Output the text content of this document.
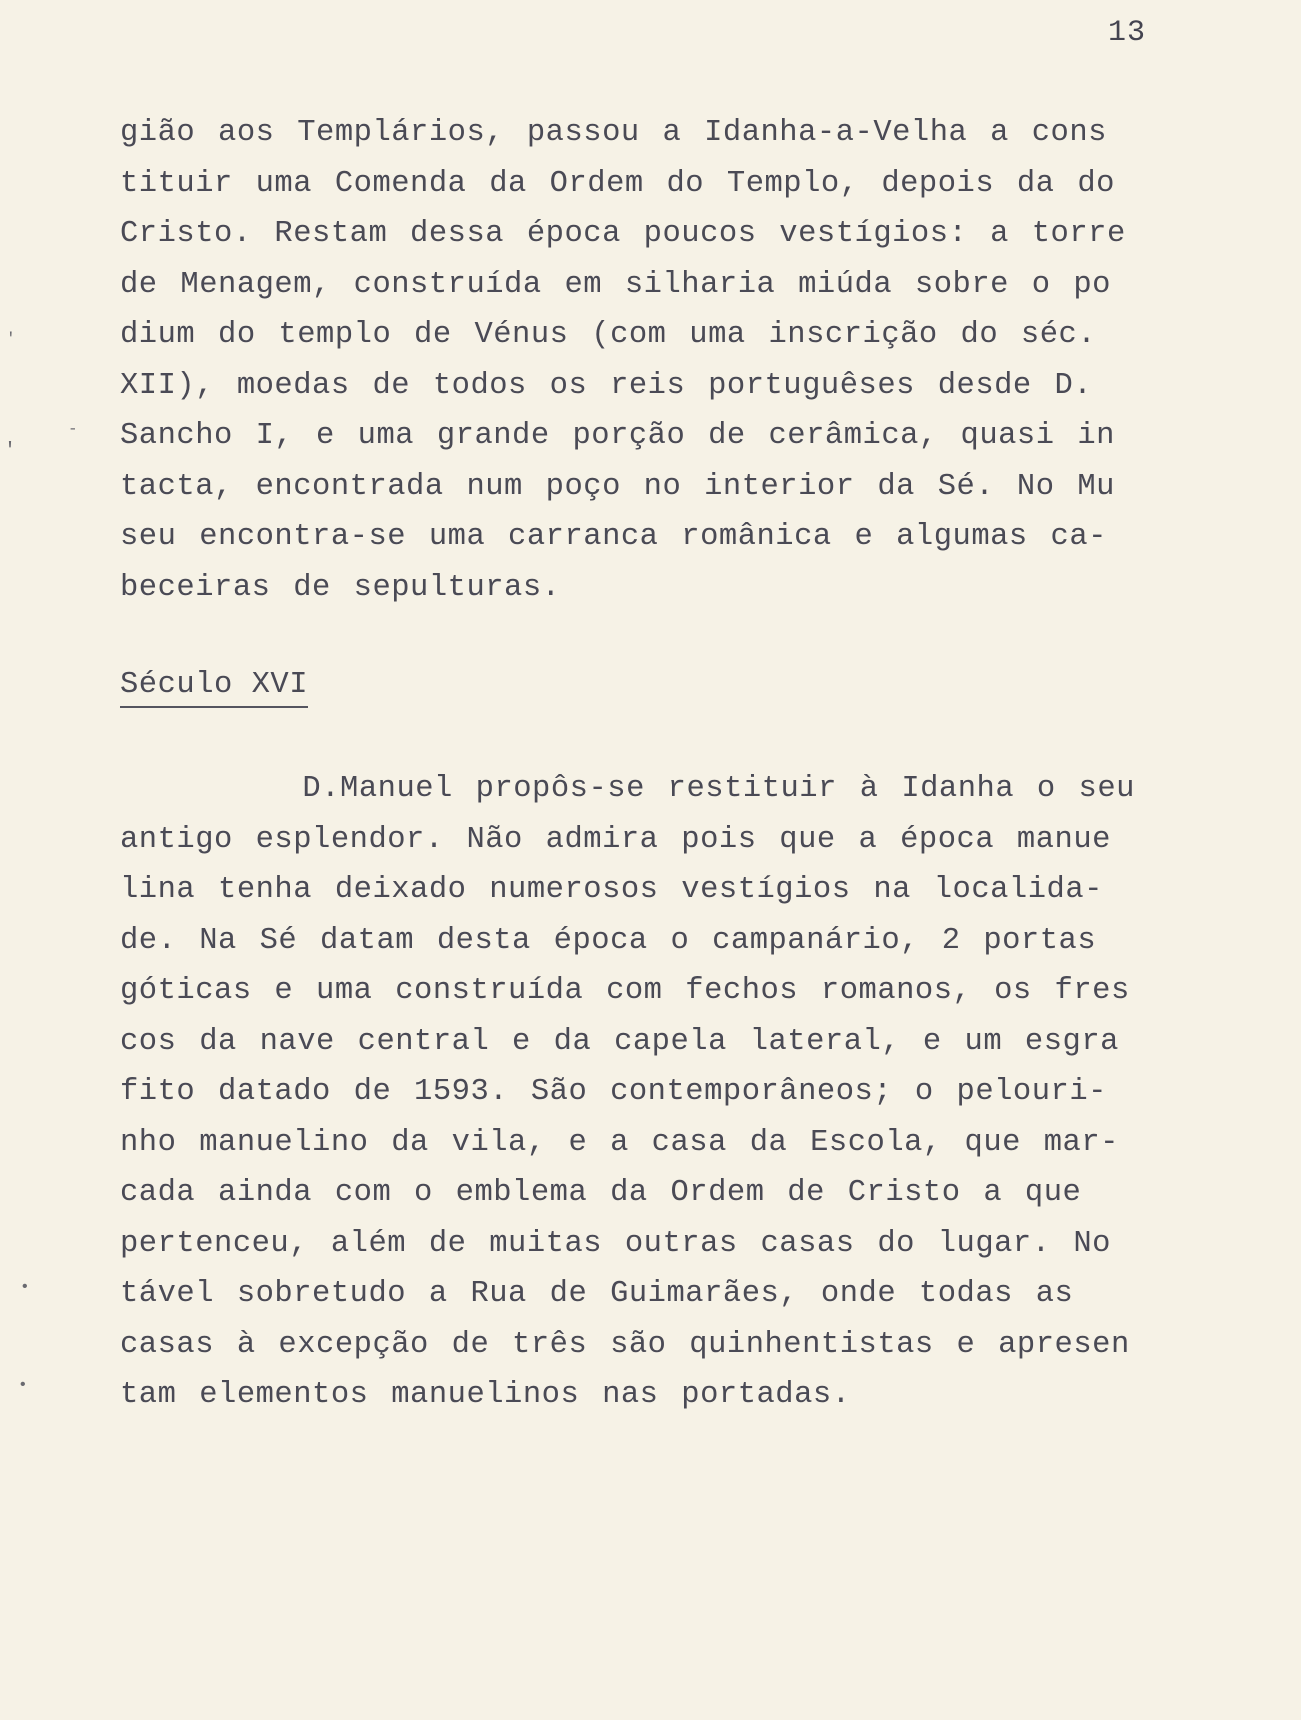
13
'
'
-
•
•
gião aos Templários, passou a Idanha-a-Velha a cons
tituir uma Comenda da Ordem do Templo, depois da do
Cristo. Restam dessa época poucos vestígios: a torre
de Menagem, construída em silharia miúda sobre o po
dium do templo de Vénus (com uma inscrição do séc.
XII), moedas de todos os reis portuguêses desde D.
Sancho I, e uma grande porção de cerâmica, quasi in
tacta, encontrada num poço no interior da Sé. No Mu
seu encontra-se uma carranca românica e algumas ca-
beceiras de sepulturas.
Século XVI
D.Manuel propôs-se restituir à Idanha o seu
antigo esplendor. Não admira pois que a época manue
lina tenha deixado numerosos vestígios na localida-
de. Na Sé datam desta época o campanário, 2 portas
góticas e uma construída com fechos romanos, os fres
cos da nave central e da capela lateral, e um esgra
fito datado de 1593. São contemporâneos; o pelouri-
nho manuelino da vila, e a casa da Escola, que mar-
cada ainda com o emblema da Ordem de Cristo a que
pertenceu, além de muitas outras casas do lugar. No
tável sobretudo a Rua de Guimarães, onde todas as
casas à excepção de três são quinhentistas e apresen
tam elementos manuelinos nas portadas.
